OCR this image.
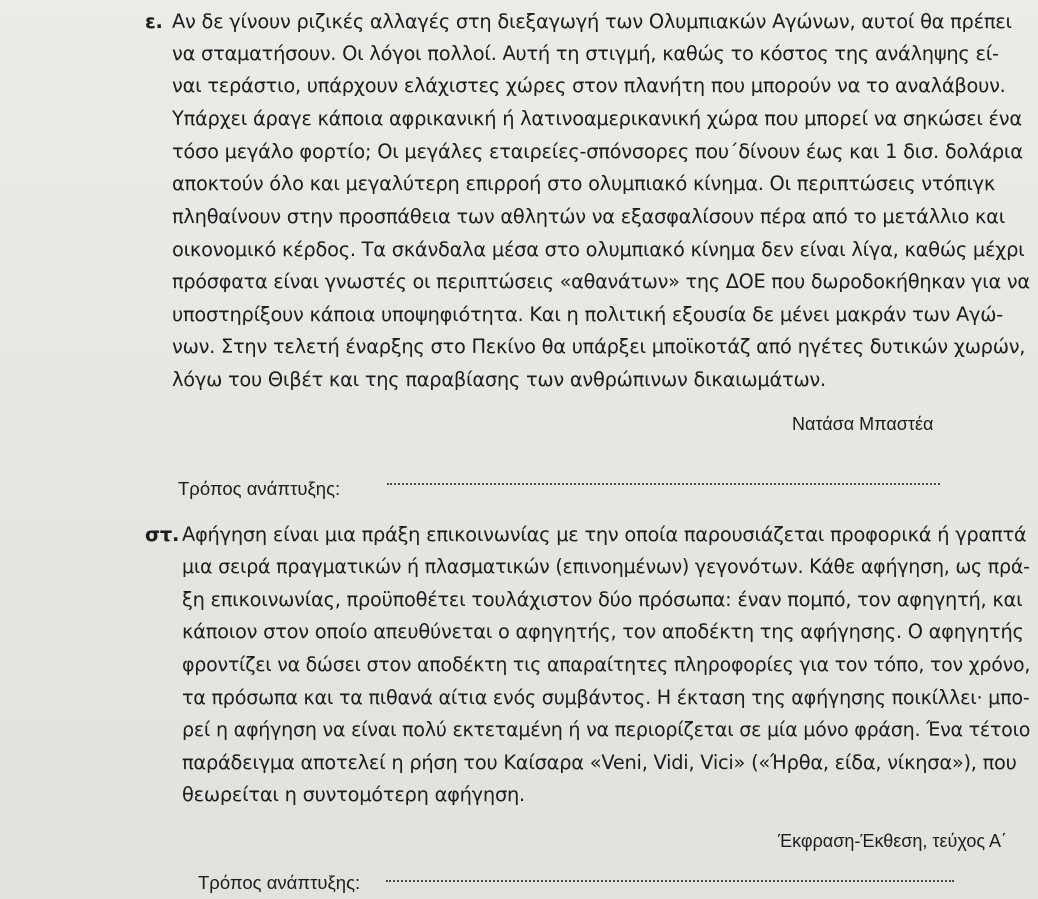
ε. Αν δε γίνουν ριζικές αλλαγές στη διεξαγωγή των Ολυμπιακών Αγώνων, αυτοί θα πρέπει
να σταματήσουν. Οι λόγοι πολλοί. Αυτή τη στιγμή, καθώς το κόστος της ανάληψης εί-
ναι τεράστιο, υπάρχουν ελάχιστες χώρες στον πλανήτη που μπορούν να το αναλάβουν.
Υπάρχει άραγε κάποια αφρικανική ή λατινοαμερικανική χώρα που μπορεί να σηκώσει ένα
τόσο μεγάλο φορτίο; Οι μεγάλες εταιρείες-σπόνσορες που΄δίνουν έως και 1 δισ. δολάρια
αποκτούν όλο και μεγαλύτερη επιρροή στο ολυμπιακό κίνημα. Οι περιπτώσεις ντόπιγκ
πληθαίνουν στην προσπάθεια των αθλητών να εξασφαλίσουν πέρα από το μετάλλιο και
οικονομικό κέρδος. Τα σκάνδαλα μέσα στο ολυμπιακό κίνημα δεν είναι λίγα, καθώς μέχρι
πρόσφατα είναι γνωστές οι περιπτώσεις «αθανάτων» της ΔΟΕ που δωροδοκήθηκαν για να
υποστηρίξουν κάποια υποψηφιότητα. Και η πολιτική εξουσία δε μένει μακράν των Αγώ-
νων. Στην τελετή έναρξης στο Πεκίνο θα υπάρξει μποϊκοτάζ από ηγέτες δυτικών χωρών,
λόγω του Θιβέτ και της παραβίασης των ανθρώπινων δικαιωμάτων.
Νατάσα Μπαστέα
Τρόπος ανάπτυξης:
στ. Αφήγηση είναι μια πράξη επικοινωνίας με την οποία παρουσιάζεται προφορικά ή γραπτά
μια σειρά πραγματικών ή πλασματικών (επινοημένων) γεγονότων. Κάθε αφήγηση, ως πρά-
ξη επικοινωνίας, προϋποθέτει τουλάχιστον δύο πρόσωπα: έναν πομπό, τον αφηγητή, και
κάποιον στον οποίο απευθύνεται ο αφηγητής, τον αποδέκτη της αφήγησης. Ο αφηγητής
φροντίζει να δώσει στον αποδέκτη τις απαραίτητες πληροφορίες για τον τόπο, τον χρόνο,
τα πρόσωπα και τα πιθανά αίτια ενός συμβάντος. Η έκταση της αφήγησης ποικίλλει· μπο-
ρεί η αφήγηση να είναι πολύ εκτεταμένη ή να περιορίζεται σε μία μόνο φράση. Ένα τέτοιο
παράδειγμα αποτελεί η ρήση του Καίσαρα «Veni, Vidi, Vici» («Ήρθα, είδα, νίκησα»), που
θεωρείται η συντομότερη αφήγηση.
Έκφραση-Έκθεση, τεύχος Α΄
Τρόπος ανάπτυξης:
